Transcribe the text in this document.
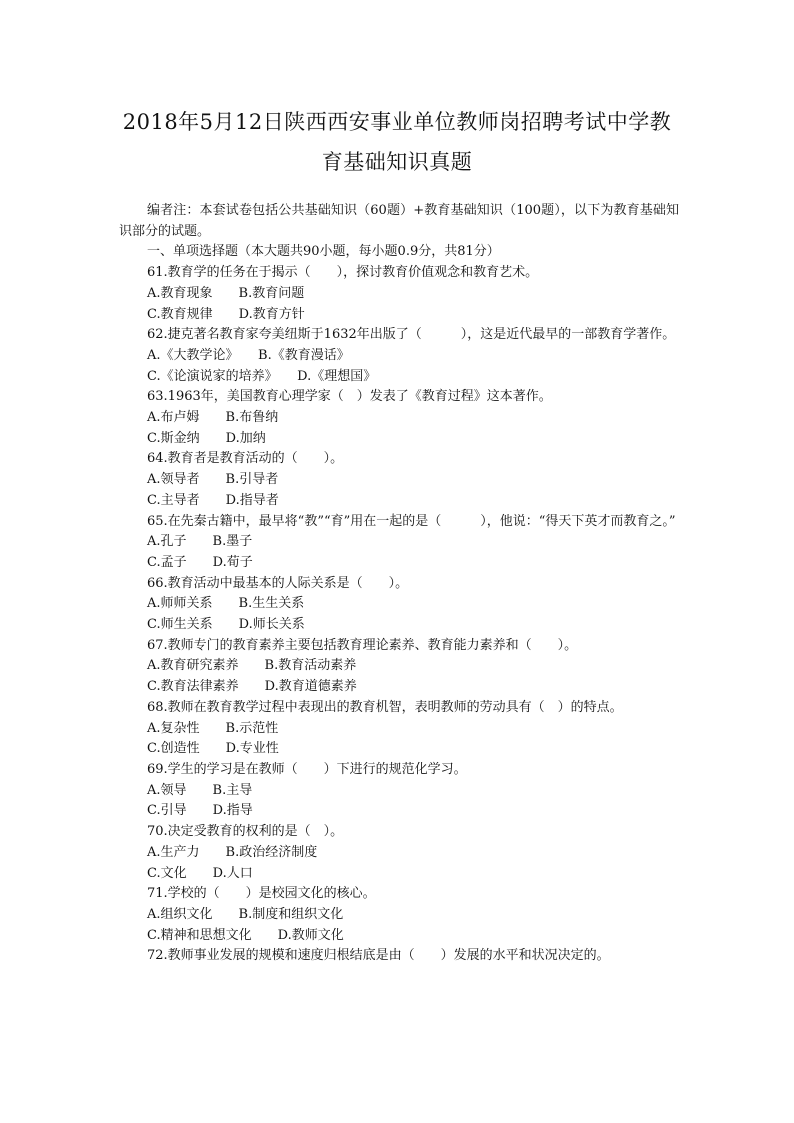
2018年5月12日陕西西安事业单位教师岗招聘考试中学教
育基础知识真题

编者注：本套试卷包括公共基础知识（60题）+教育基础知识（100题），以下为教育基础知识部分的试题。

一、单项选择题（本大题共90小题，每小题0.9分，共81分）

61.教育学的任务在于揭示（　　），探讨教育价值观念和教育艺术。

A.教育现象　　B.教育问题

C.教育规律　　D.教育方针

62.捷克著名教育家夸美纽斯于1632年出版了（　　　），这是近代最早的一部教育学著作。

A.《大教学论》　　B.《教育漫话》

C.《论演说家的培养》　　D.《理想国》

63.1963年，美国教育心理学家（　）发表了《教育过程》这本著作。

A.布卢姆　　B.布鲁纳

C.斯金纳　　D.加纳

64.教育者是教育活动的（　　）。

A.领导者　　B.引导者

C.主导者　　D.指导者

65.在先秦古籍中，最早将“教”“育”用在一起的是（　　　），他说：“得天下英才而教育之。”

A.孔子　　B.墨子

C.孟子　　D.荀子

66.教育活动中最基本的人际关系是（　　）。

A.师师关系　　B.生生关系

C.师生关系　　D.师长关系

67.教师专门的教育素养主要包括教育理论素养、教育能力素养和（　　）。

A.教育研究素养　　B.教育活动素养

C.教育法律素养　　D.教育道德素养

68.教师在教育教学过程中表现出的教育机智，表明教师的劳动具有（　）的特点。

A.复杂性　　B.示范性

C.创造性　　D.专业性

69.学生的学习是在教师（　　）下进行的规范化学习。

A.领导　　B.主导

C.引导　　D.指导

70.决定受教育的权利的是（　）。

A.生产力　　B.政治经济制度

C.文化　　D.人口

71.学校的（　　）是校园文化的核心。

A.组织文化　　B.制度和组织文化

C.精神和思想文化　　D.教师文化

72.教师事业发展的规模和速度归根结底是由（　　）发展的水平和状况决定的。
